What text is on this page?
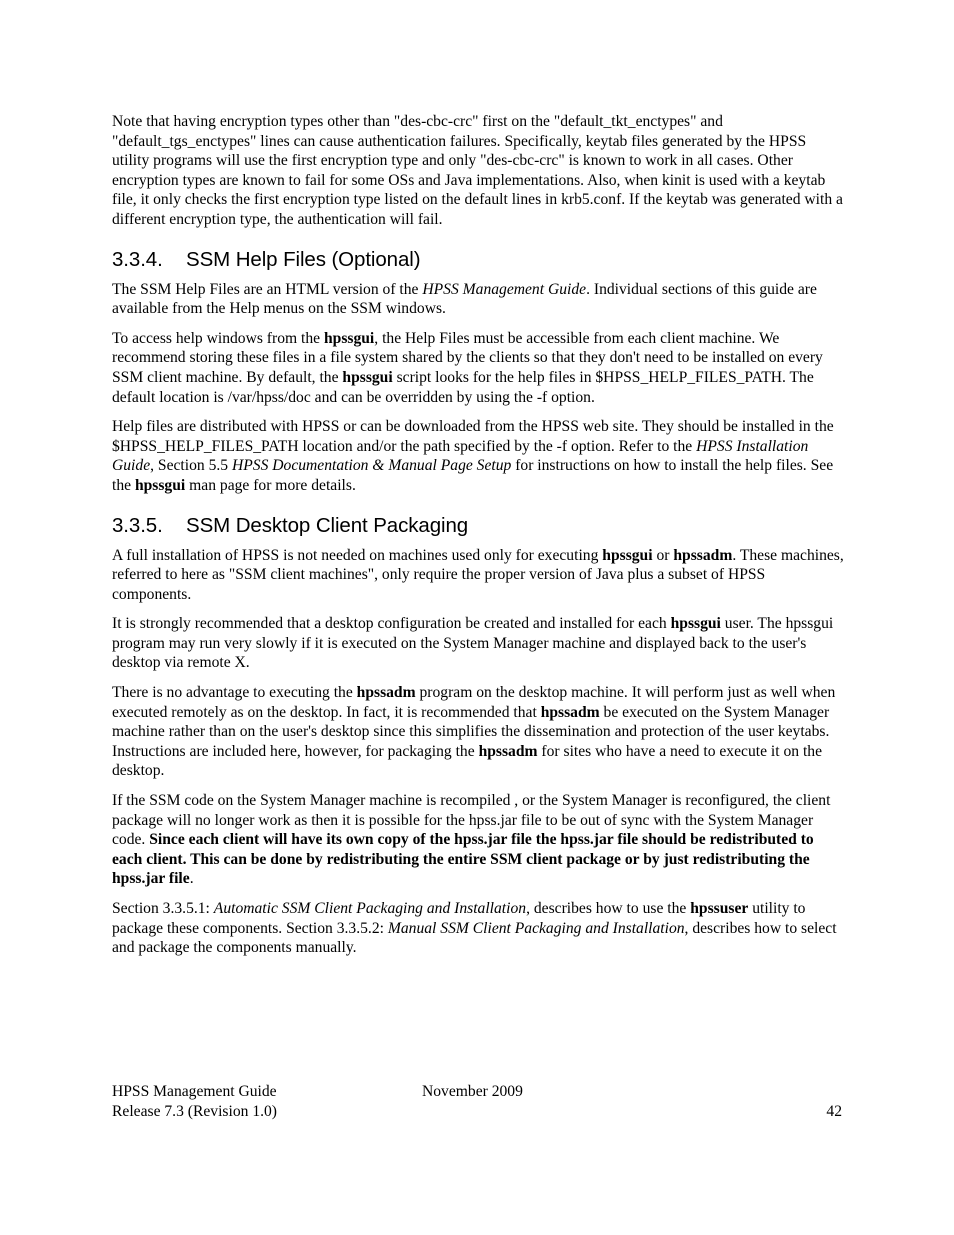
Note that having encryption types other than "des-cbc-crc" first on the "default_tkt_enctypes" and "default_tgs_enctypes" lines can cause authentication failures. Specifically, keytab files generated by the HPSS utility programs will use the first encryption type and only "des-cbc-crc" is known to work in all cases. Other encryption types are known to fail for some OSs and Java implementations. Also, when kinit is used with a keytab file, it only checks the first encryption type listed on the default lines in krb5.conf. If the keytab was generated with a different encryption type, the authentication will fail.

3.3.4. SSM Help Files (Optional)

The SSM Help Files are an HTML version of the HPSS Management Guide. Individual sections of this guide are available from the Help menus on the SSM windows.

To access help windows from the hpssgui, the Help Files must be accessible from each client machine. We recommend storing these files in a file system shared by the clients so that they don't need to be installed on every SSM client machine. By default, the hpssgui script looks for the help files in $HPSS_HELP_FILES_PATH. The default location is /var/hpss/doc and can be overridden by using the -f option.

Help files are distributed with HPSS or can be downloaded from the HPSS web site. They should be installed in the $HPSS_HELP_FILES_PATH location and/or the path specified by the -f option. Refer to the HPSS Installation Guide, Section 5.5 HPSS Documentation & Manual Page Setup for instructions on how to install the help files. See the hpssgui man page for more details.

3.3.5. SSM Desktop Client Packaging

A full installation of HPSS is not needed on machines used only for executing hpssgui or hpssadm. These machines, referred to here as "SSM client machines", only require the proper version of Java plus a subset of HPSS components.

It is strongly recommended that a desktop configuration be created and installed for each hpssgui user. The hpssgui program may run very slowly if it is executed on the System Manager machine and displayed back to the user's desktop via remote X.

There is no advantage to executing the hpssadm program on the desktop machine. It will perform just as well when executed remotely as on the desktop. In fact, it is recommended that hpssadm be executed on the System Manager machine rather than on the user's desktop since this simplifies the dissemination and protection of the user keytabs. Instructions are included here, however, for packaging the hpssadm for sites who have a need to execute it on the desktop.

If the SSM code on the System Manager machine is recompiled , or the System Manager is reconfigured, the client package will no longer work as then it is possible for the hpss.jar file to be out of sync with the System Manager code. Since each client will have its own copy of the hpss.jar file the hpss.jar file should be redistributed to each client. This can be done by redistributing the entire SSM client package or by just redistributing the hpss.jar file.

Section 3.3.5.1: Automatic SSM Client Packaging and Installation, describes how to use the hpssuser utility to package these components. Section 3.3.5.2: Manual SSM Client Packaging and Installation, describes how to select and package the components manually.

HPSS Management Guide	November 2009
Release 7.3 (Revision 1.0)	42
